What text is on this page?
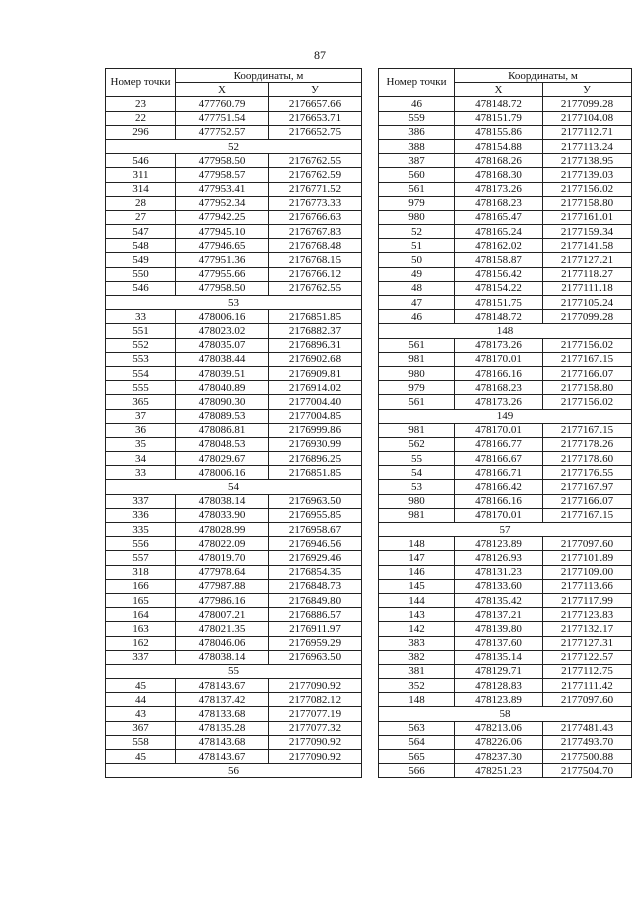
87
Номер точки	Координаты, м	
	X	У
23	477760.79	2176657.66
22	477751.54	2176653.71
296	477752.57	2176652.75
52		
546	477958.50	2176762.55
311	477958.57	2176762.59
314	477953.41	2176771.52
28	477952.34	2176773.33
27	477942.25	2176766.63
547	477945.10	2176767.83
548	477946.65	2176768.48
549	477951.36	2176768.15
550	477955.66	2176766.12
546	477958.50	2176762.55
53		
33	478006.16	2176851.85
551	478023.02	2176882.37
552	478035.07	2176896.31
553	478038.44	2176902.68
554	478039.51	2176909.81
555	478040.89	2176914.02
365	478090.30	2177004.40
37	478089.53	2177004.85
36	478086.81	2176999.86
35	478048.53	2176930.99
34	478029.67	2176896.25
33	478006.16	2176851.85
54		
337	478038.14	2176963.50
336	478033.90	2176955.85
335	478028.99	2176958.67
556	478022.09	2176946.56
557	478019.70	2176929.46
318	477978.64	2176854.35
166	477987.88	2176848.73
165	477986.16	2176849.80
164	478007.21	2176886.57
163	478021.35	2176911.97
162	478046.06	2176959.29
337	478038.14	2176963.50
55		
45	478143.67	2177090.92
44	478137.42	2177082.12
43	478133.68	2177077.19
367	478135.28	2177077.32
558	478143.68	2177090.92
45	478143.67	2177090.92
56		
Номер точки	Координаты, м	
	X	У
46	478148.72	2177099.28
559	478151.79	2177104.08
386	478155.86	2177112.71
388	478154.88	2177113.24
387	478168.26	2177138.95
560	478168.30	2177139.03
561	478173.26	2177156.02
979	478168.23	2177158.80
980	478165.47	2177161.01
52	478165.24	2177159.34
51	478162.02	2177141.58
50	478158.87	2177127.21
49	478156.42	2177118.27
48	478154.22	2177111.18
47	478151.75	2177105.24
46	478148.72	2177099.28
148		
561	478173.26	2177156.02
981	478170.01	2177167.15
980	478166.16	2177166.07
979	478168.23	2177158.80
561	478173.26	2177156.02
149		
981	478170.01	2177167.15
562	478166.77	2177178.26
55	478166.67	2177178.60
54	478166.71	2177176.55
53	478166.42	2177167.97
980	478166.16	2177166.07
981	478170.01	2177167.15
57		
148	478123.89	2177097.60
147	478126.93	2177101.89
146	478131.23	2177109.00
145	478133.60	2177113.66
144	478135.42	2177117.99
143	478137.21	2177123.83
142	478139.80	2177132.17
383	478137.60	2177127.31
382	478135.14	2177122.57
381	478129.71	2177112.75
352	478128.83	2177111.42
148	478123.89	2177097.60
58		
563	478213.06	2177481.43
564	478226.06	2177493.70
565	478237.30	2177500.88
566	478251.23	2177504.70
